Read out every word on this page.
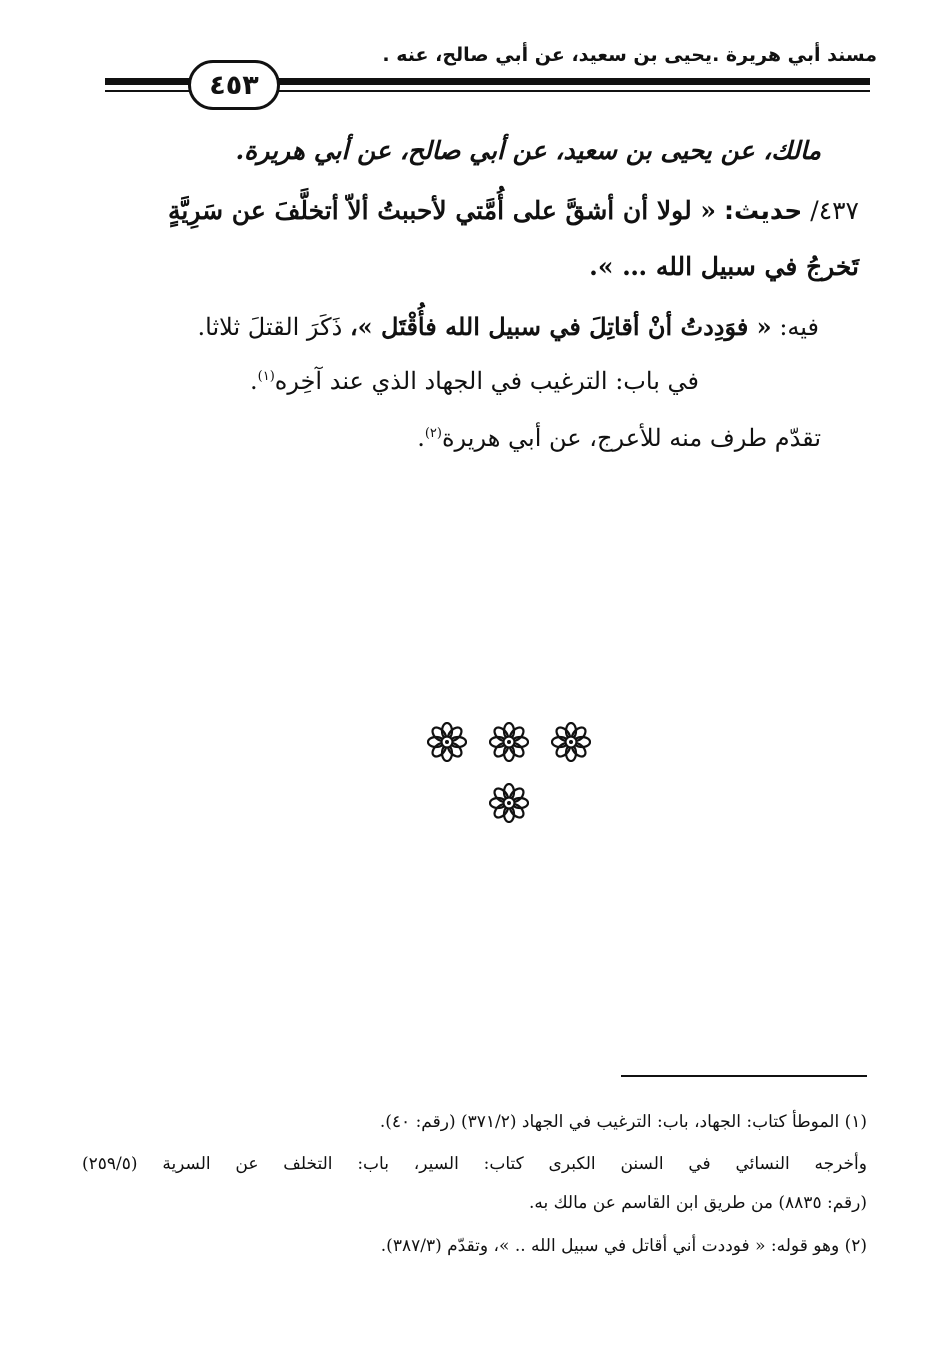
مسند أبي هريرة .يحيى بن سعيد، عن أبي صالح، عنه .
٤٥٣
مالك، عن يحيى بن سعيد، عن أبي صالح، عن أبي هريرة.
٤٣٧/ حديث: « لولا أن أشقَّ على أُمَّتي لأحببتُ ألاّ أتخلَّفَ عن سَرِيَّةٍ
تَخرجُ في سبيل الله … ».
فيه: « فوَدِدتُ أنْ أقاتِلَ في سبيل الله فأُقْتَل »، ذَكَرَ القتلَ ثلاثا.
في باب: الترغيب في الجهاد الذي عند آخِره$^{(١)}$.
تقدّم طرف منه للأعرج، عن أبي هريرة$^{(٢)}$.
(١) الموطأ كتاب: الجهاد، باب: الترغيب في الجهاد (٣٧١/٢) (رقم: ٤٠).
وأخرجه النسائي في السنن الكبرى كتاب: السير، باب: التخلف عن السرية (٢٥٩/٥)
(رقم: ٨٨٣٥) من طريق ابن القاسم عن مالك به.
(٢) وهو قوله: « فوددت أني أقاتل في سبيل الله .. »، وتقدّم (٣٨٧/٣).
